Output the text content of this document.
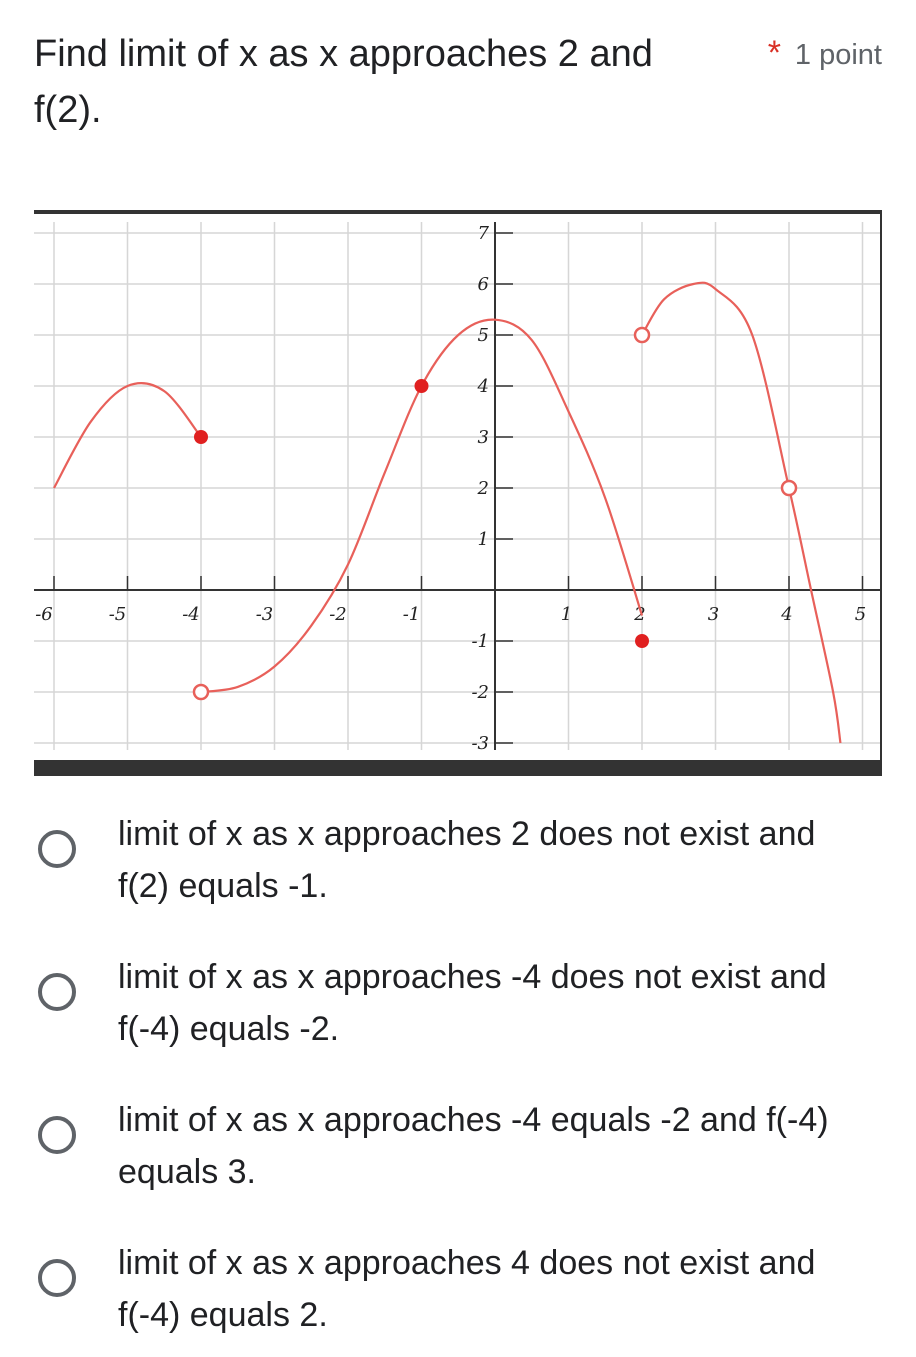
Find limit of x as x approaches 2 and f(2).
* 1 point
-6	-5	-4	-3	-2	-1	1	2	3	4	5
-3
-2
-1
1
2
3
4
5
6
7
limit of x as x approaches 2 does not exist and f(2) equals -1.
limit of x as x approaches -4 does not exist and f(-4) equals -2.
limit of x as x approaches -4 equals -2 and f(-4) equals 3.
limit of x as x approaches 4 does not exist and f(-4) equals 2.
